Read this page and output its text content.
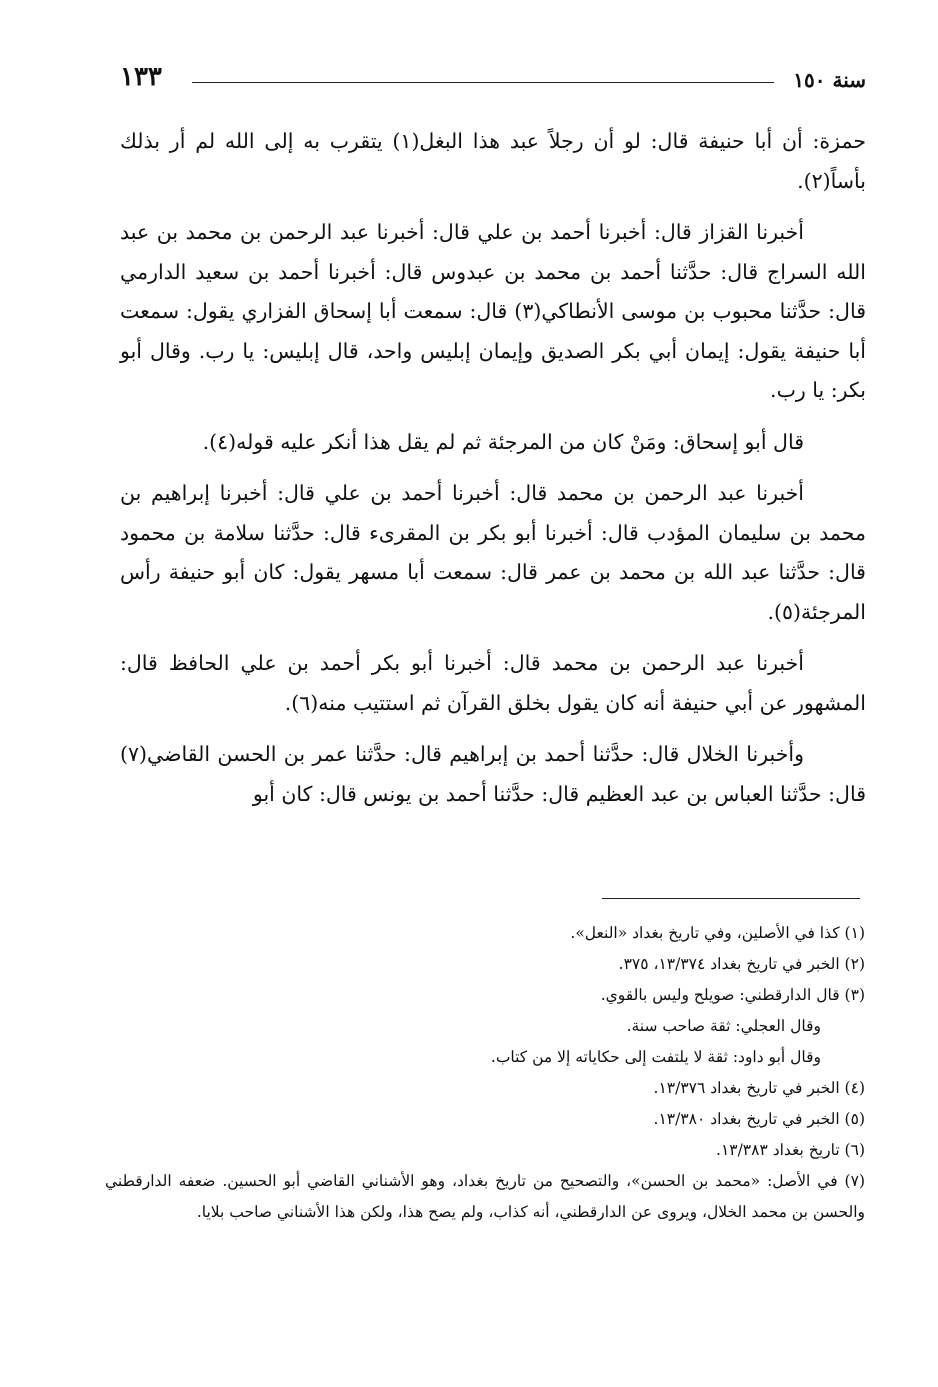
سنة ١٥٠
١٣٣

حمزة: أن أبا حنيفة قال: لو أن رجلاً عبد هذا البغل(١) يتقرب به إلى الله لم أر بذلك بأساً(٢).

أخبرنا القزاز قال: أخبرنا أحمد بن علي قال: أخبرنا عبد الرحمن بن محمد بن عبد الله السراج قال: حدَّثنا أحمد بن محمد بن عبدوس قال: أخبرنا أحمد بن سعيد الدارمي قال: حدَّثنا محبوب بن موسى الأنطاكي(٣) قال: سمعت أبا إسحاق الفزاري يقول: سمعت أبا حنيفة يقول: إيمان أبي بكر الصديق وإيمان إبليس واحد، قال إبليس: يا رب. وقال أبو بكر: يا رب.

قال أبو إسحاق: ومَنْ كان من المرجئة ثم لم يقل هذا أنكر عليه قوله(٤).

أخبرنا عبد الرحمن بن محمد قال: أخبرنا أحمد بن علي قال: أخبرنا إبراهيم بن محمد بن سليمان المؤدب قال: أخبرنا أبو بكر بن المقرىء قال: حدَّثنا سلامة بن محمود قال: حدَّثنا عبد الله بن محمد بن عمر قال: سمعت أبا مسهر يقول: كان أبو حنيفة رأس المرجئة(٥).

أخبرنا عبد الرحمن بن محمد قال: أخبرنا أبو بكر أحمد بن علي الحافظ قال: المشهور عن أبي حنيفة أنه كان يقول بخلق القرآن ثم استتيب منه(٦).

وأخبرنا الخلال قال: حدَّثنا أحمد بن إبراهيم قال: حدَّثنا عمر بن الحسن القاضي(٧) قال: حدَّثنا العباس بن عبد العظيم قال: حدَّثنا أحمد بن يونس قال: كان أبو

(١) كذا في الأصلين، وفي تاريخ بغداد «النعل».

(٢) الخبر في تاريخ بغداد ١٣/٣٧٤، ٣٧٥.

(٣) قال الدارقطني: صويلح وليس بالقوي.

وقال العجلي: ثقة صاحب سنة.

وقال أبو داود: ثقة لا يلتفت إلى حكاياته إلا من كتاب.

(٤) الخبر في تاريخ بغداد ١٣/٣٧٦.

(٥) الخبر في تاريخ بغداد ١٣/٣٨٠.

(٦) تاريخ بغداد ١٣/٣٨٣.

(٧) في الأصل: «محمد بن الحسن»، والتصحيح من تاريخ بغداد، وهو الأشناني القاضي أبو الحسين. ضعفه الدارقطني والحسن بن محمد الخلال، ويروى عن الدارقطني، أنه كذاب، ولم يصح هذا، ولكن هذا الأشناني صاحب بلايا.
